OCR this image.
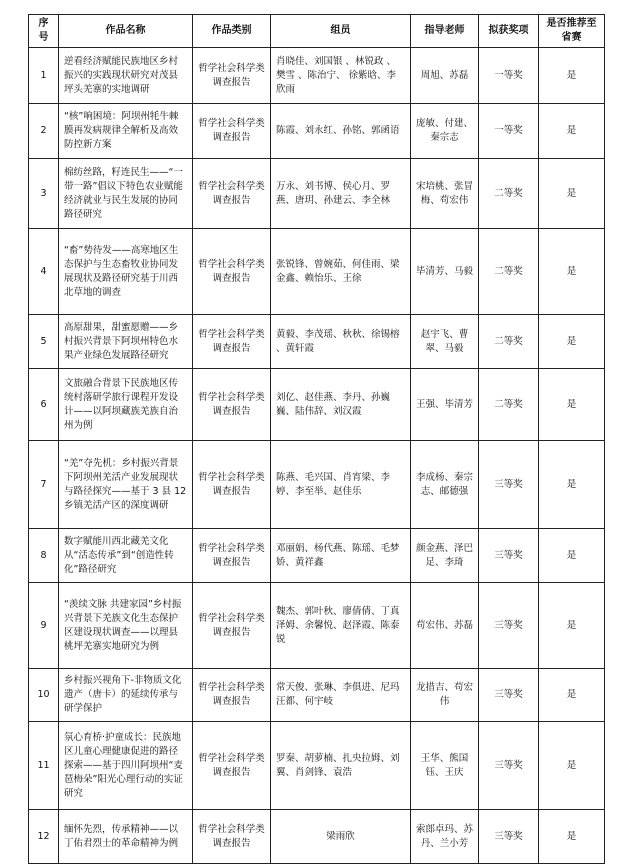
序号	作品名称	作品类别	组员	指导老师	拟获奖项	是否推荐至省赛
1	逆看经济赋能民族地区乡村振兴的实践现状研究对茂县坪头羌寨的实地调研	哲学社会科学类调查报告	肖晓佳、刘国银 、林锐政 、樊雪 、陈治宁、 徐紫晗、李欣雨	周旭、苏磊	一等奖	是
2	“核”响困境：阿坝州牦牛棘膜再发病规律全解析及高效防控新方案	哲学社会科学类调查报告	陈霞、刘永红、孙铭、郭函语	庞敏、付建、秦宗志	一等奖	是
3	棉纺丝路，籽连民生——“一带一路”倡议下特色农业赋能经济就业与民生发展的协同路径研究	哲学社会科学类调查报告	万永、刘书博、侯心月、罗燕、唐玥、孙建云、李全林	宋培桃、张冒梅、苟宏伟	二等奖	是
4	“畜”势待发——高寒地区生态保护与生态畜牧业协同发展现状及路径研究基于川西北草地的调查	哲学社会科学类调查报告	张锐锋、曾婉茹、何佳雨、梁金鑫、赖怡乐、王徐	毕清芳、马毅	二等奖	是
5	高原甜果，甜蜜愿赠——乡村振兴背景下阿坝州特色水果产业绿色发展路径研究	哲学社会科学类调查报告	黄毅、李茂瑶、秋秋、徐锡榕 、黄轩霞	赵宇飞、曹翠、马毅	二等奖	是
6	文旅融合背景下民族地区传统村落研学旅行课程开发设计——以阿坝藏族羌族自治州为例	哲学社会科学类调查报告	刘亿、赵佳燕、李丹、孙巍巍、陆伟辞、刘汉霞	王强、毕清芳	二等奖	是
7	“羌”夺先机：乡村振兴背景下阿坝州羌活产业发展现状与路径探究——基于 3 县 12 乡镇羌活产区的深度调研	哲学社会科学类调查报告	陈燕、毛兴国、肖宵梁、李婷、李至举、赵佳乐	李成杨、秦宗志、邮德强	三等奖	是
8	数字赋能川西北藏羌文化从“活态传承”到“创造性转化”路径研究	哲学社会科学类调查报告	邓丽娟、杨代燕、陈瑶、毛梦娇、黄祥鑫	颜金燕、泽巴足、李琦	三等奖	是
9	“羡续文脉 共建家园”乡村振兴背景下羌族文化生态保护区建设现状调查——以理县桃坪羌寨实地研究为例	哲学社会科学类调查报告	魏杰、郭叶秋、廖倩倩、丁真泽姆、余馨悦、赵泽霞、陈泰锐	苟宏伟、苏磊	三等奖	是
10	乡村振兴视角下-非物质文化遗产（唐卡）的延续传承与研学保护	哲学社会科学类调查报告	常天俊、张琳、李俱进、尼玛汪都、何宇岐	龙措吉、苟宏伟	三等奖	是
11	氛心育桥·护童成长：民族地区儿童心理健康促进的路径探索——基于四川阿坝州“麦琶梅朵”阳光心理行动的实证研究	哲学社会科学类调查报告	罗秦、胡萝楠、扎央拉姆、刘翼、肖剑锋、袁浩	王华、熊国钰、王庆	三等奖	是
12	缅怀先烈，传承精神——以丁佑君烈士的革命精神为例	哲学社会科学类调查报告	梁雨欣	索郎卓玛、苏丹、兰小芳	三等奖	是
